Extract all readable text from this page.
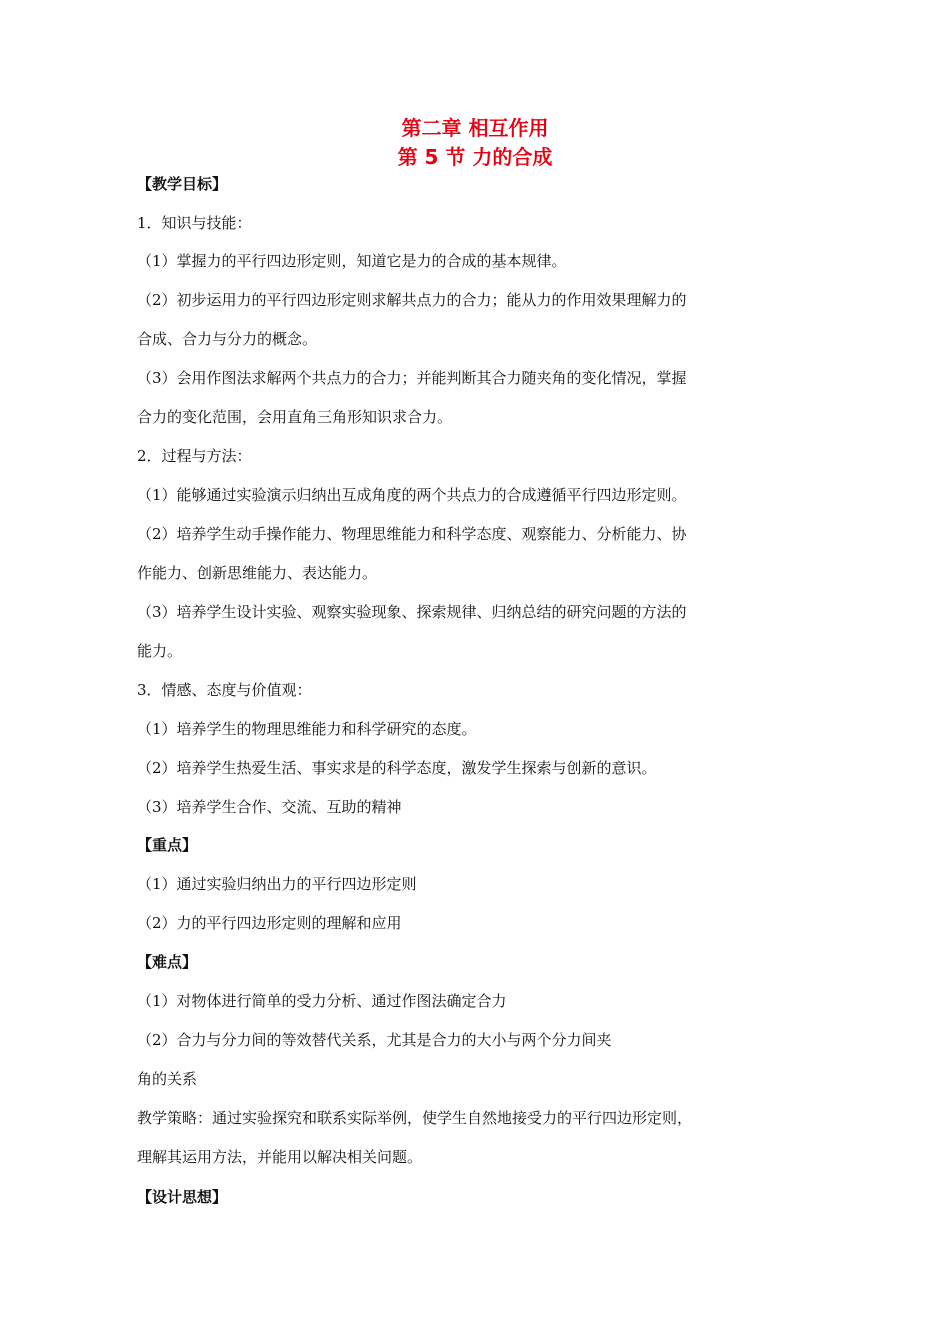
第二章 相互作用
第 5 节 力的合成
【教学目标】
1．知识与技能：
（1）掌握力的平行四边形定则，知道它是力的合成的基本规律。
（2）初步运用力的平行四边形定则求解共点力的合力；能从力的作用效果理解力的
合成、合力与分力的概念。
（3）会用作图法求解两个共点力的合力；并能判断其合力随夹角的变化情况，掌握
合力的变化范围，会用直角三角形知识求合力。
2．过程与方法：
（1）能够通过实验演示归纳出互成角度的两个共点力的合成遵循平行四边形定则。
（2）培养学生动手操作能力、物理思维能力和科学态度、观察能力、分析能力、协
作能力、创新思维能力、表达能力。
（3）培养学生设计实验、观察实验现象、探索规律、归纳总结的研究问题的方法的
能力。
3．情感、态度与价值观：
（1）培养学生的物理思维能力和科学研究的态度。
（2）培养学生热爱生活、事实求是的科学态度，激发学生探索与创新的意识。
（3）培养学生合作、交流、互助的精神
【重点】
（1）通过实验归纳出力的平行四边形定则
（2）力的平行四边形定则的理解和应用
【难点】
（1）对物体进行简单的受力分析、通过作图法确定合力
（2）合力与分力间的等效替代关系，尤其是合力的大小与两个分力间夹
角的关系
教学策略：通过实验探究和联系实际举例，使学生自然地接受力的平行四边形定则，
理解其运用方法，并能用以解决相关问题。
【设计思想】
